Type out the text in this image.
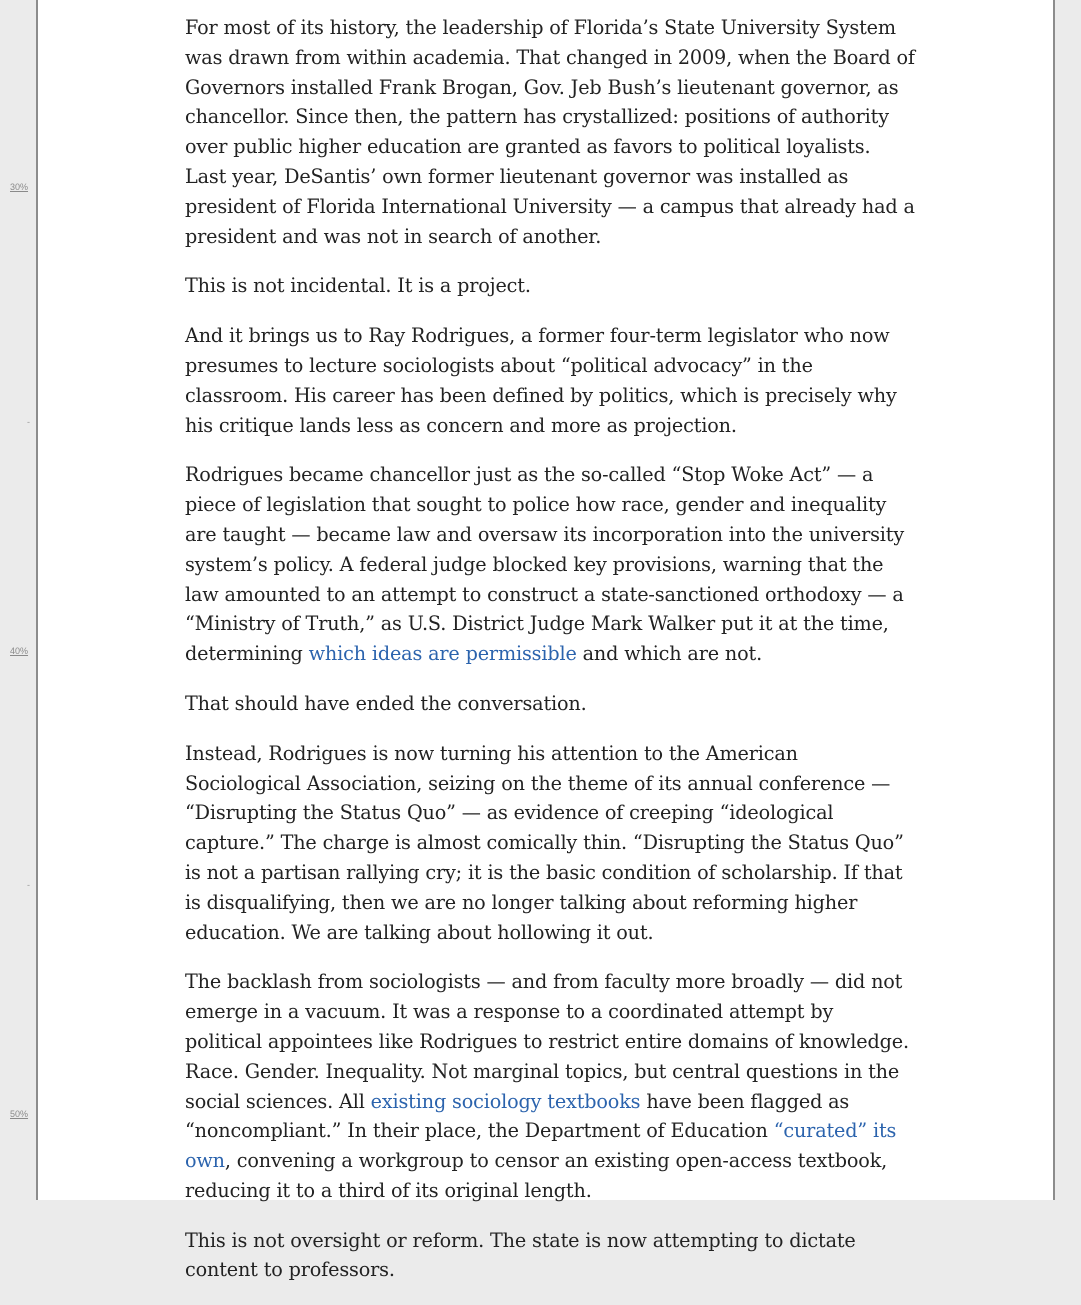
30%
-
40%
-
50%

For most of its history, the leadership of Florida’s State University System was drawn from within academia. That changed in 2009, when the Board of Governors installed Frank Brogan, Gov. Jeb Bush’s lieutenant governor, as chancellor. Since then, the pattern has crystallized: positions of authority over public higher education are granted as favors to political loyalists. Last year, DeSantis’ own former lieutenant governor was installed as president of Florida International University — a campus that already had a president and was not in search of another.

This is not incidental. It is a project.

And it brings us to Ray Rodrigues, a former four-term legislator who now presumes to lecture sociologists about “political advocacy” in the classroom. His career has been defined by politics, which is precisely why his critique lands less as concern and more as projection.

Rodrigues became chancellor just as the so-called “Stop Woke Act” — a piece of legislation that sought to police how race, gender and inequality are taught — became law and oversaw its incorporation into the university system’s policy. A federal judge blocked key provisions, warning that the law amounted to an attempt to construct a state-sanctioned orthodoxy — a “Ministry of Truth,” as U.S. District Judge Mark Walker put it at the time, determining which ideas are permissible and which are not.

That should have ended the conversation.

Instead, Rodrigues is now turning his attention to the American Sociological Association, seizing on the theme of its annual conference — “Disrupting the Status Quo” — as evidence of creeping “ideological capture.” The charge is almost comically thin. “Disrupting the Status Quo” is not a partisan rallying cry; it is the basic condition of scholarship. If that is disqualifying, then we are no longer talking about reforming higher education. We are talking about hollowing it out.

The backlash from sociologists — and from faculty more broadly — did not emerge in a vacuum. It was a response to a coordinated attempt by political appointees like Rodrigues to restrict entire domains of knowledge. Race. Gender. Inequality. Not marginal topics, but central questions in the social sciences. All existing sociology textbooks have been flagged as “noncompliant.” In their place, the Department of Education “curated” its own, convening a workgroup to censor an existing open-access textbook, reducing it to a third of its original length.

This is not oversight or reform. The state is now attempting to dictate content to professors.
